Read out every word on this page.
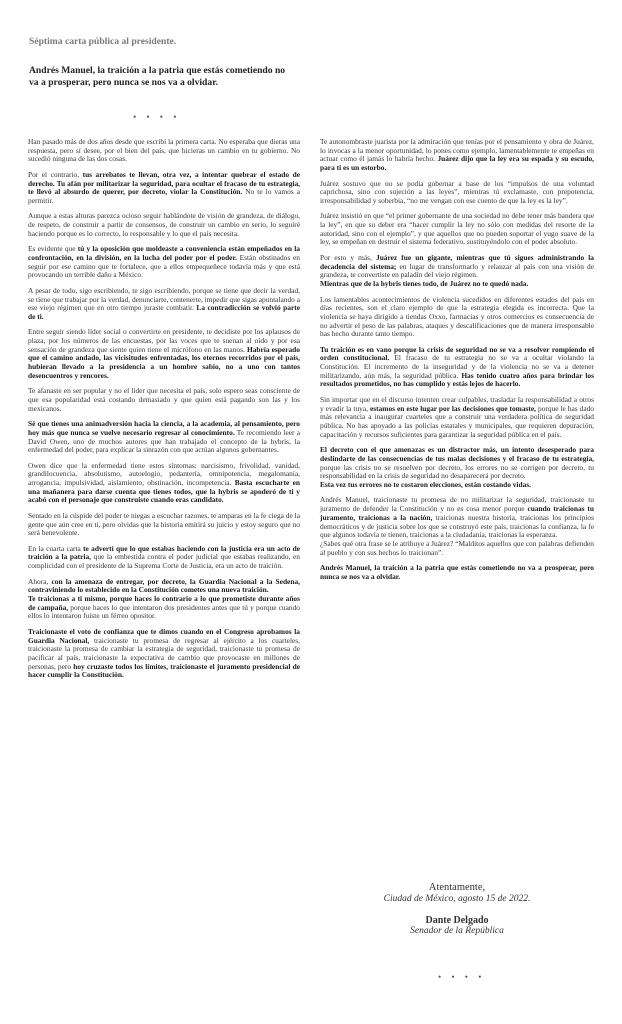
Séptima carta pública al presidente.
Andrés Manuel, la traición a la patria que estás cometiendo no va a prosperar, pero nunca se nos va a olvidar.
• • • •

Han pasado más de dos años desde que escribí la primera carta. No esperaba que dieras una respuesta, pero sí desee, por el bien del país, que hicieras un cambio en tu gobierno. No sucedió ninguna de las dos cosas.

Por el contrario, tus arrebatos te llevan, otra vez, a intentar quebrar el estado de derecho. Tu afán por militarizar la seguridad, para ocultar el fracaso de tu estrategia, te llevó al absurdo de querer, por decreto, violar la Constitución. No te lo vamos a permitir.

Aunque a estas alturas parezca ocioso seguir hablándote de visión de grandeza, de diálogo, de respeto, de construir a partir de consensos, de construir un cambio en serio, lo seguiré haciendo porque es lo correcto, lo responsable y lo que el país necesita.

Es evidente que tú y la oposición que moldeaste a conveniencia están empeñados en la confrontación, en la división, en la lucha del poder por el poder. Están obstinados en seguir por ese camino que te fortalece, que a ellos empequeñece todavía más y que está provocando un terrible daño a México.

A pesar de todo, sigo escribiendo, te sigo escribiendo, porque se tiene que decir la verdad, se tiene que trabajar por la verdad, denunciarte, contenerte, impedir que sigas apuntalando a ese viejo régimen que en otro tiempo juraste combatir. La contradicción se volvió parte de ti.

Entre seguir siendo líder social o convertirte en presidente, te decidiste por los aplausos de plaza, por los números de las encuestas, por las voces que te suenan al oído y por esa sensación de grandeza que siente quien tiene el micrófono en las manos. Habría esperado que el camino andado, las vicisitudes enfrentadas, los eternos recorridos por el país, hubieran llevado a la presidencia a un hombre sabio, no a uno con tantos desencuentros y rencores.

Te afanaste en ser popular y no el líder que necesita el país, solo espero seas consciente de que esa popularidad está costando demasiado y que quien está pagando son las y los mexicanos.

Sé que tienes una animadversión hacia la ciencia, a la academia, al pensamiento, pero hoy más que nunca se vuelve necesario regresar al conocimiento. Te recomiendo leer a David Owen, uno de muchos autores que han trabajado el concepto de la hybris, la enfermedad del poder, para explicar la sinrazón con que actúan algunos gobernantes.

Owen dice que la enfermedad tiene estos síntomas: narcisismo, frivolidad, vanidad, grandilocuencia, absolutismo, autoelogio, pedantería, omnipotencia, megalomanía, arrogancia, impulsividad, aislamiento, obstinación, incompetencia. Basta escucharte en una mañanera para darse cuenta que tienes todos, que la hybris se apoderó de ti y acabó con el personaje que construiste cuando eras candidato.

Sentado en la cúspide del poder te niegas a escuchar razones, te amparas en la fe ciega de la gente que aún cree en ti, pero olvidas que la historia emitirá su juicio y estoy seguro que no será benevolente.

En la cuarta carta te advertí que lo que estabas haciendo con la justicia era un acto de traición a la patria, que la embestida contra el poder judicial que estabas realizando, en complicidad con el presidente de la Suprema Corte de Justicia, era un acto de traición.

Ahora, con la amenaza de entregar, por decreto, la Guardia Nacional a la Sedena, contraviniendo lo establecido en la Constitución cometes una nueva traición.
Te traicionas a ti mismo, porque haces lo contrario a lo que prometiste durante años de campaña, porque haces lo que intentaron dos presidentes antes que tú y porque cuando ellos lo intentaron fuiste un férreo opositor.

Traicionaste el voto de confianza que te dimos cuando en el Congreso aprobamos la Guardia Nacional, traicionaste tu promesa de regresar al ejército a los cuarteles, traicionaste la promesa de cambiar la estrategia de seguridad, traicionaste tu promesa de pacificar al país, traicionaste la expectativa de cambio que provocaste en millones de personas, pero hoy cruzaste todos los límites, traicionaste el juramento presidencial de hacer cumplir la Constitución.

Te autonombraste juarista por la admiración que tenías por el pensamiento y obra de Juárez, lo invocas a la menor oportunidad, lo pones como ejemplo, lamentablemente te empeñas en actuar como él jamás lo habría hecho. Juárez dijo que la ley era su espada y su escudo, para ti es un estorbo.

Juárez sostuvo que no se podía gobernar a base de los “impulsos de una voluntad caprichosa, sino con sujeción a las leyes”, mientras tú exclamaste, con prepotencia, irresponsabilidad y soberbia, “no me vengan con ese cuento de que la ley es la ley”.

Juárez insistió en que “el primer gobernante de una sociedad no debe tener más bandera que la ley”, en que su deber era “hacer cumplir la ley no sólo con medidas del resorte de la autoridad, sino con el ejemplo”, y que aquellos que no pueden soportar el yugo suave de la ley, se empeñan en destruir el sistema federativo, sustituyéndolo con el poder absoluto.

Por esto y más, Juárez fue un gigante, mientras que tú sigues administrando la decadencia del sistema; en lugar de transformarlo y relanzar al país con una visión de grandeza, te convertiste en paladín del viejo régimen.
Mientras que de la hybris tienes todo, de Juárez no te quedó nada.

Los lamentables acontecimientos de violencia sucedidos en diferentes estados del país en días recientes, son el claro ejemplo de que la estrategia elegida es incorrecta. Que la violencia se haya dirigido a tiendas Oxxo, farmacias y otros comercios es consecuencia de no advertir el peso de las palabras, ataques y descalificaciones que de manera irresponsable has hecho durante tanto tiempo.

Tu traición es en vano porque la crisis de seguridad no se va a resolver rompiendo el orden constitucional. El fracaso de tu estrategia no se va a ocultar violando la Constitución. El incremento de la inseguridad y de la violencia no se va a detener militarizando, aún más, la seguridad pública. Has tenido cuatro años para brindar los resultados prometidos, no has cumplido y estás lejos de hacerlo.

Sin importar que en el discurso intenten crear culpables, trasladar la responsabilidad a otros y evadir la tuya, estamos en este lugar por las decisiones que tomaste, porque le has dado más relevancia a inaugurar cuarteles que a construir una verdadera política de seguridad pública. No has apoyado a las policías estatales y municipales, que requieren depuración, capacitación y recursos suficientes para garantizar la seguridad pública en el país.

El decreto con el que amenazas es un distractor más, un intento desesperado para deslindarte de las consecuencias de tus malas decisiones y el fracaso de tu estrategia, porque las crisis no se resuelven por decreto, los errores no se corrigen por decreto, tu responsabilidad en la crisis de seguridad no desaparecerá por decreto.
Esta vez tus errores no te costaron elecciones, están costando vidas.

Andrés Manuel, traicionaste tu promesa de no militarizar la seguridad, traicionaste tu juramento de defender la Constitución y no es cosa menor porque cuando traicionas tu juramento, traicionas a la nación, traicionas nuestra historia, traicionas los principios democráticos y de justicia sobre los que se construyó este país, traicionas la confianza, la fe que algunos todavía te tienen, traicionas a la ciudadanía, traicionas la esperanza.
¿Sabes qué otra frase se le atribuye a Juárez? “Malditos aquellos que con palabras defienden al pueblo y con sus hechos lo traicionan”.

Andrés Manuel, la traición a la patria que estás cometiendo no va a prosperar, pero nunca se nos va a olvidar.

Atentamente,
Ciudad de México, agosto 15 de 2022.
Dante Delgado
Senador de la República
• • • •
